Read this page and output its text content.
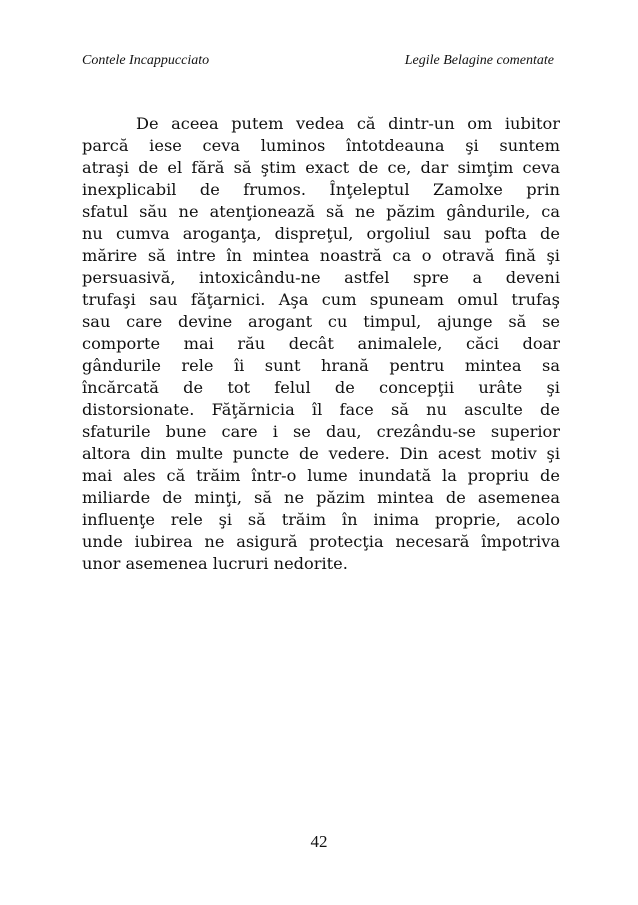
Contele Incappucciato	Legile Belagine comentate
De aceea putem vedea că dintr-un om iubitor
parcă iese ceva luminos întotdeauna şi suntem
atraşi de el fără să ştim exact de ce, dar simţim ceva
inexplicabil de frumos. Înţeleptul Zamolxe prin
sfatul său ne atenţionează să ne păzim gândurile, ca
nu cumva aroganţa, dispreţul, orgoliul sau pofta de
mărire să intre în mintea noastră ca o otravă fină şi
persuasivă, intoxicându-ne astfel spre a deveni
trufaşi sau făţarnici. Aşa cum spuneam omul trufaş
sau care devine arogant cu timpul, ajunge să se
comporte mai rău decât animalele, căci doar
gândurile rele îi sunt hrană pentru mintea sa
încărcată de tot felul de concepţii urâte şi
distorsionate. Făţărnicia îl face să nu asculte de
sfaturile bune care i se dau, crezându-se superior
altora din multe puncte de vedere. Din acest motiv şi
mai ales că trăim într-o lume inundată la propriu de
miliarde de minţi, să ne păzim mintea de asemenea
influenţe rele şi să trăim în inima proprie, acolo
unde iubirea ne asigură protecţia necesară împotriva
unor asemenea lucruri nedorite.
42
